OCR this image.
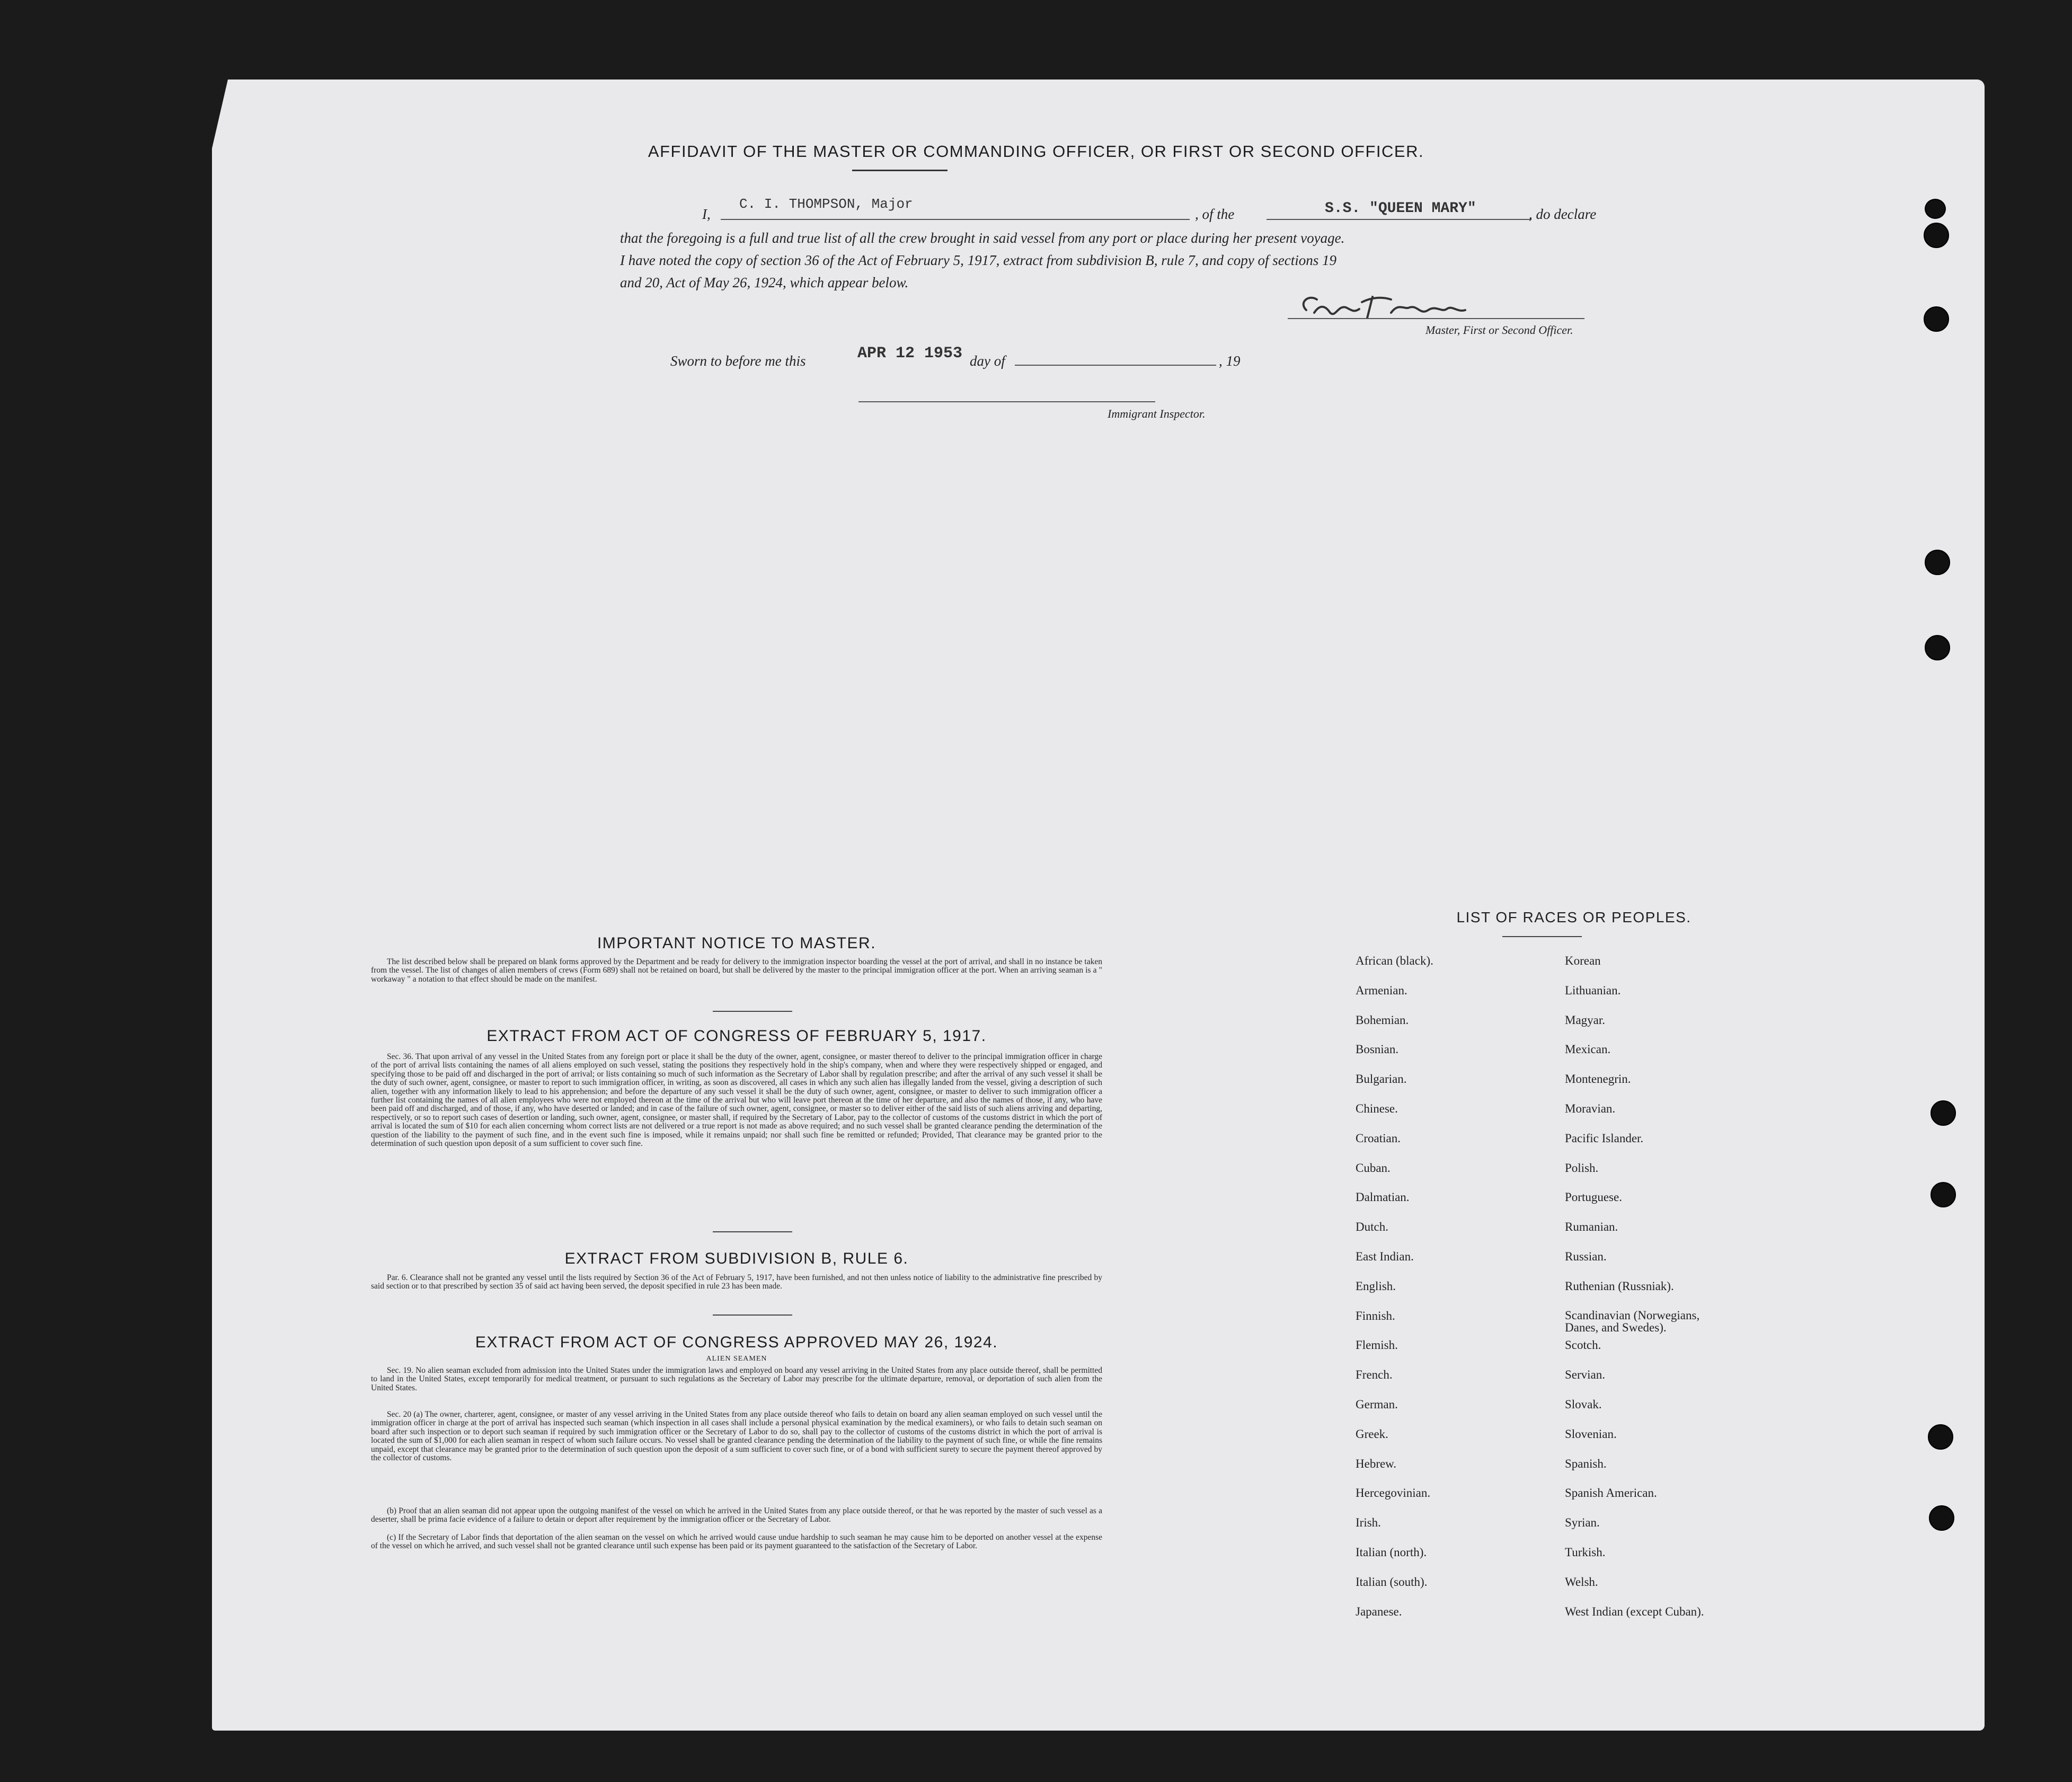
AFFIDAVIT OF THE MASTER OR COMMANDING OFFICER, OR FIRST OR SECOND OFFICER.
I,
C. I. THOMPSON, Major
, of the	S.S. "QUEEN MARY"	, do declare
that the foregoing is a full and true list of all the crew brought in said vessel from any port or place during her present voyage.
I have noted the copy of section 36 of the Act of February 5, 1917, extract from subdivision B, rule 7, and copy of sections 19
and 20, Act of May 26, 1924, which appear below.
Master, First or Second Officer.
Sworn to before me this	APR 12 1953 day of	, 19
Immigrant Inspector.
IMPORTANT NOTICE TO MASTER.
The list described below shall be prepared on blank forms approved by the Department and be ready for delivery to the immigration inspector boarding the vessel at the port of arrival, and shall in no instance be taken from the vessel. The list of changes of alien members of crews (Form 689) shall not be retained on board, but shall be delivered by the master to the principal immigration officer at the port. When an arriving seaman is a " workaway " a notation to that effect should be made on the manifest.
EXTRACT FROM ACT OF CONGRESS OF FEBRUARY 5, 1917.
Sec. 36. That upon arrival of any vessel in the United States from any foreign port or place it shall be the duty of the owner, agent, consignee, or master thereof to deliver to the principal immigration officer in charge of the port of arrival lists containing the names of all aliens employed on such vessel, stating the positions they respectively hold in the ship's company, when and where they were respectively shipped or engaged, and specifying those to be paid off and discharged in the port of arrival; or lists containing so much of such information as the Secretary of Labor shall by regulation prescribe; and after the arrival of any such vessel it shall be the duty of such owner, agent, consignee, or master to report to such immigration officer, in writing, as soon as discovered, all cases in which any such alien has illegally landed from the vessel, giving a description of such alien, together with any information likely to lead to his apprehension; and before the departure of any such vessel it shall be the duty of such owner, agent, consignee, or master to deliver to such immigration officer a further list containing the names of all alien employees who were not employed thereon at the time of the arrival but who will leave port thereon at the time of her departure, and also the names of those, if any, who have been paid off and discharged, and of those, if any, who have deserted or landed; and in case of the failure of such owner, agent, consignee, or master so to deliver either of the said lists of such aliens arriving and departing, respectively, or so to report such cases of desertion or landing, such owner, agent, consignee, or master shall, if required by the Secretary of Labor, pay to the collector of customs of the customs district in which the port of arrival is located the sum of $10 for each alien concerning whom correct lists are not delivered or a true report is not made as above required; and no such vessel shall be granted clearance pending the determination of the question of the liability to the payment of such fine, and in the event such fine is imposed, while it remains unpaid; nor shall such fine be remitted or refunded; Provided, That clearance may be granted prior to the determination of such question upon deposit of a sum sufficient to cover such fine.
EXTRACT FROM SUBDIVISION B, RULE 6.
Par. 6. Clearance shall not be granted any vessel until the lists required by Section 36 of the Act of February 5, 1917, have been furnished, and not then unless notice of liability to the administrative fine prescribed by said section or to that prescribed by section 35 of said act having been served, the deposit specified in rule 23 has been made.
EXTRACT FROM ACT OF CONGRESS APPROVED MAY 26, 1924.
ALIEN SEAMEN
Sec. 19. No alien seaman excluded from admission into the United States under the immigration laws and employed on board any vessel arriving in the United States from any place outside thereof, shall be permitted to land in the United States, except temporarily for medical treatment, or pursuant to such regulations as the Secretary of Labor may prescribe for the ultimate departure, removal, or deportation of such alien from the United States.
Sec. 20 (a) The owner, charterer, agent, consignee, or master of any vessel arriving in the United States from any place outside thereof who fails to detain on board any alien seaman employed on such vessel until the immigration officer in charge at the port of arrival has inspected such seaman (which inspection in all cases shall include a personal physical examination by the medical examiners), or who fails to detain such seaman on board after such inspection or to deport such seaman if required by such immigration officer or the Secretary of Labor to do so, shall pay to the collector of customs of the customs district in which the port of arrival is located the sum of $1,000 for each alien seaman in respect of whom such failure occurs. No vessel shall be granted clearance pending the determination of the liability to the payment of such fine, or while the fine remains unpaid, except that clearance may be granted prior to the determination of such question upon the deposit of a sum sufficient to cover such fine, or of a bond with sufficient surety to secure the payment thereof approved by the collector of customs.
(b) Proof that an alien seaman did not appear upon the outgoing manifest of the vessel on which he arrived in the United States from any place outside thereof, or that he was reported by the master of such vessel as a deserter, shall be prima facie evidence of a failure to detain or deport after requirement by the immigration officer or the Secretary of Labor.
(c) If the Secretary of Labor finds that deportation of the alien seaman on the vessel on which he arrived would cause undue hardship to such seaman he may cause him to be deported on another vessel at the expense of the vessel on which he arrived, and such vessel shall not be granted clearance until such expense has been paid or its payment guaranteed to the satisfaction of the Secretary of Labor.
LIST OF RACES OR PEOPLES.
African (black).
Armenian.
Bohemian.
Bosnian.
Bulgarian.
Chinese.
Croatian.
Cuban.
Dalmatian.
Dutch.
East Indian.
English.
Finnish.
Flemish.
French.
German.
Greek.
Hebrew.
Hercegovinian.
Irish.
Italian (north).
Italian (south).
Japanese.
Korean
Lithuanian.
Magyar.
Mexican.
Montenegrin.
Moravian.
Pacific Islander.
Polish.
Portuguese.
Rumanian.
Russian.
Ruthenian (Russniak).
Scandinavian (Norwegians, Danes, and Swedes).
Scotch.
Servian.
Slovak.
Slovenian.
Spanish.
Spanish American.
Syrian.
Turkish.
Welsh.
West Indian (except Cuban).
